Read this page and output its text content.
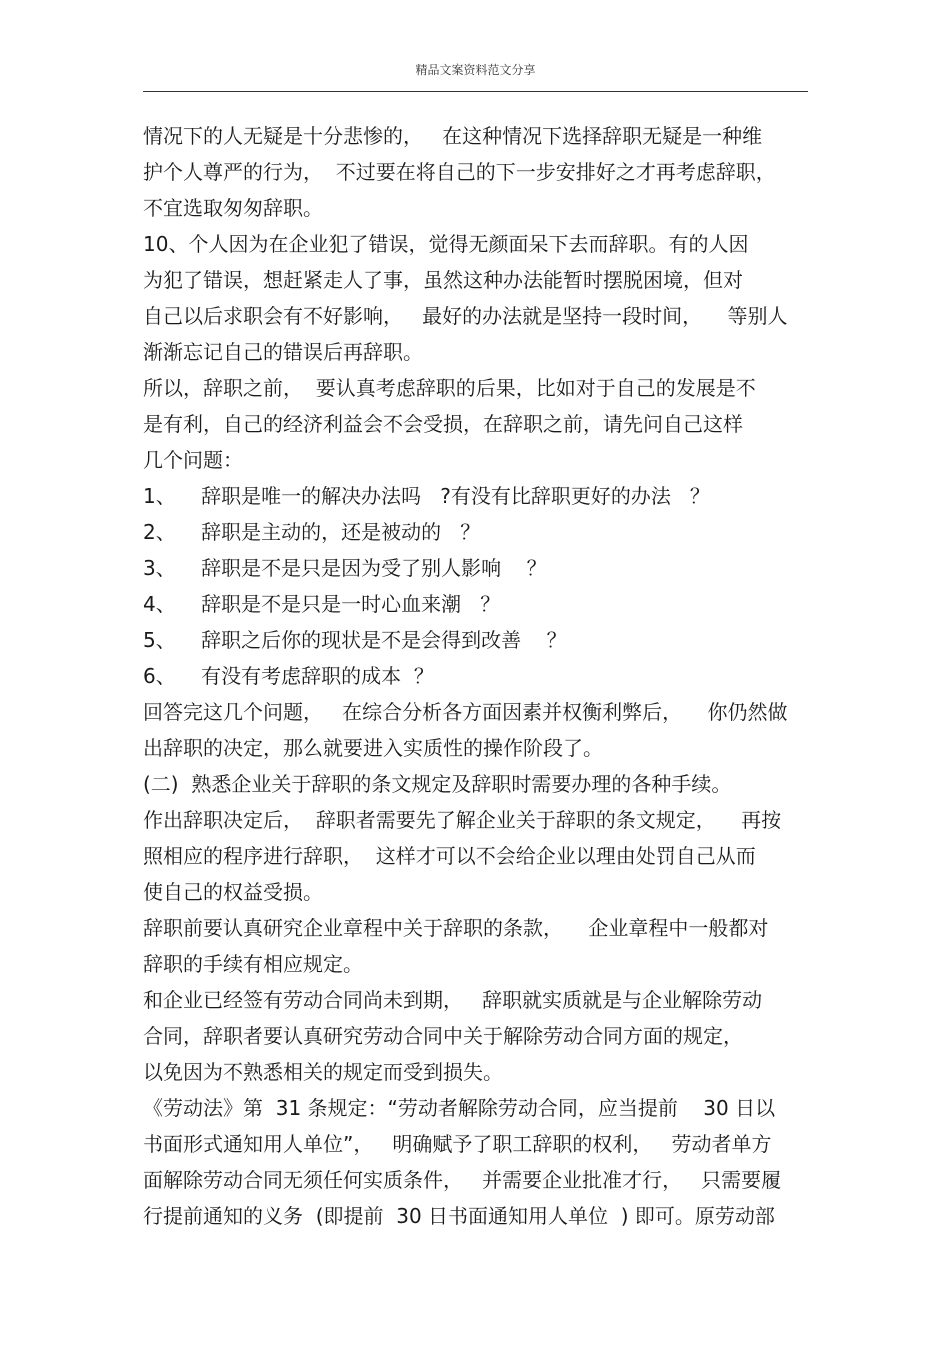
精品文案资料范文分享
情况下的人无疑是十分悲惨的，   在这种情况下选择辞职无疑是一种维
护个人尊严的行为，  不过要在将自己的下一步安排好之才再考虑辞职，
不宜选取匆匆辞职。
10、个人因为在企业犯了错误，觉得无颜面呆下去而辞职。有的人因
为犯了错误，想赶紧走人了事，虽然这种办法能暂时摆脱困境，但对
自己以后求职会有不好影响，   最好的办法就是坚持一段时间，    等别人
渐渐忘记自己的错误后再辞职。
所以，辞职之前，  要认真考虑辞职的后果，比如对于自己的发展是不
是有利，自己的经济利益会不会受损，在辞职之前，请先问自己这样
几个问题：
1、    辞职是唯一的解决办法吗   ?有没有比辞职更好的办法   ？
2、    辞职是主动的，还是被动的   ？
3、    辞职是不是只是因为受了别人影响    ？
4、    辞职是不是只是一时心血来潮   ？
5、    辞职之后你的现状是不是会得到改善    ？
6、    有没有考虑辞职的成本  ？
回答完这几个问题，   在综合分析各方面因素并权衡利弊后，    你仍然做
出辞职的决定，那么就要进入实质性的操作阶段了。
(二)  熟悉企业关于辞职的条文规定及辞职时需要办理的各种手续。
作出辞职决定后，  辞职者需要先了解企业关于辞职的条文规定，    再按
照相应的程序进行辞职，  这样才可以不会给企业以理由处罚自己从而
使自己的权益受损。
辞职前要认真研究企业章程中关于辞职的条款，    企业章程中一般都对
辞职的手续有相应规定。
和企业已经签有劳动合同尚未到期，   辞职就实质就是与企业解除劳动
合同，辞职者要认真研究劳动合同中关于解除劳动合同方面的规定，
以免因为不熟悉相关的规定而受到损失。
《劳动法》第  31 条规定：“劳动者解除劳动合同，应当提前    30 日以
书面形式通知用人单位”，   明确赋予了职工辞职的权利，   劳动者单方
面解除劳动合同无须任何实质条件，   并需要企业批准才行，   只需要履
行提前通知的义务  (即提前  30 日书面通知用人单位  ) 即可。原劳动部
